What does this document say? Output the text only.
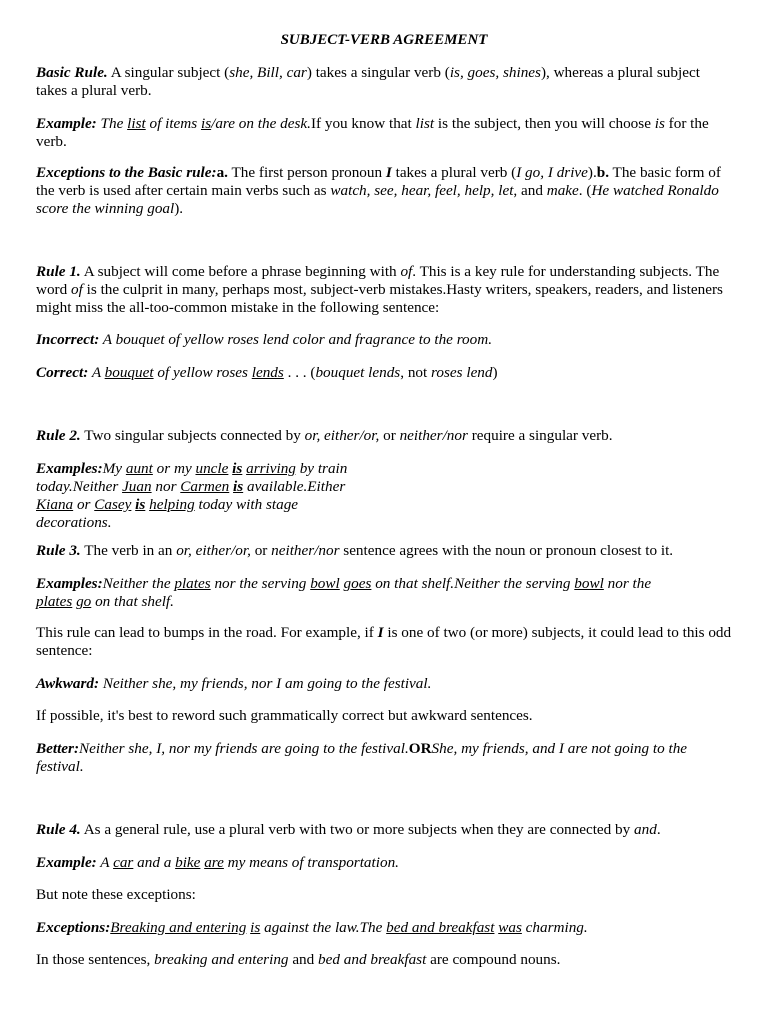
SUBJECT-VERB AGREEMENT

Basic Rule. A singular subject (she, Bill, car) takes a singular verb (is, goes, shines), whereas a plural subject takes a plural verb.

Example: The list of items is/are on the desk.If you know that list is the subject, then you will choose is for the verb.

Exceptions to the Basic rule:a. The first person pronoun I takes a plural verb (I go, I drive).b. The basic form of the verb is used after certain main verbs such as watch, see, hear, feel, help, let, and make. (He watched Ronaldo score the winning goal).

Rule 1. A subject will come before a phrase beginning with of. This is a key rule for understanding subjects. The word of is the culprit in many, perhaps most, subject-verb mistakes.Hasty writers, speakers, readers, and listeners might miss the all-too-common mistake in the following sentence:

Incorrect: A bouquet of yellow roses lend color and fragrance to the room.

Correct: A bouquet of yellow roses lends . . . (bouquet lends, not roses lend)

Rule 2. Two singular subjects connected by or, either/or, or neither/nor require a singular verb.

Examples:My aunt or my uncle is arriving by train today.Neither Juan nor Carmen is available.Either Kiana or Casey is helping today with stage decorations.

Rule 3. The verb in an or, either/or, or neither/nor sentence agrees with the noun or pronoun closest to it.

Examples:Neither the plates nor the serving bowl goes on that shelf.Neither the serving bowl nor the plates go on that shelf.

This rule can lead to bumps in the road. For example, if I is one of two (or more) subjects, it could lead to this odd sentence:

Awkward: Neither she, my friends, nor I am going to the festival.

If possible, it's best to reword such grammatically correct but awkward sentences.

Better:Neither she, I, nor my friends are going to the festival.ORShe, my friends, and I are not going to the festival.

Rule 4. As a general rule, use a plural verb with two or more subjects when they are connected by and.

Example: A car and a bike are my means of transportation.

But note these exceptions:

Exceptions:Breaking and entering is against the law.The bed and breakfast was charming.

In those sentences, breaking and entering and bed and breakfast are compound nouns.
